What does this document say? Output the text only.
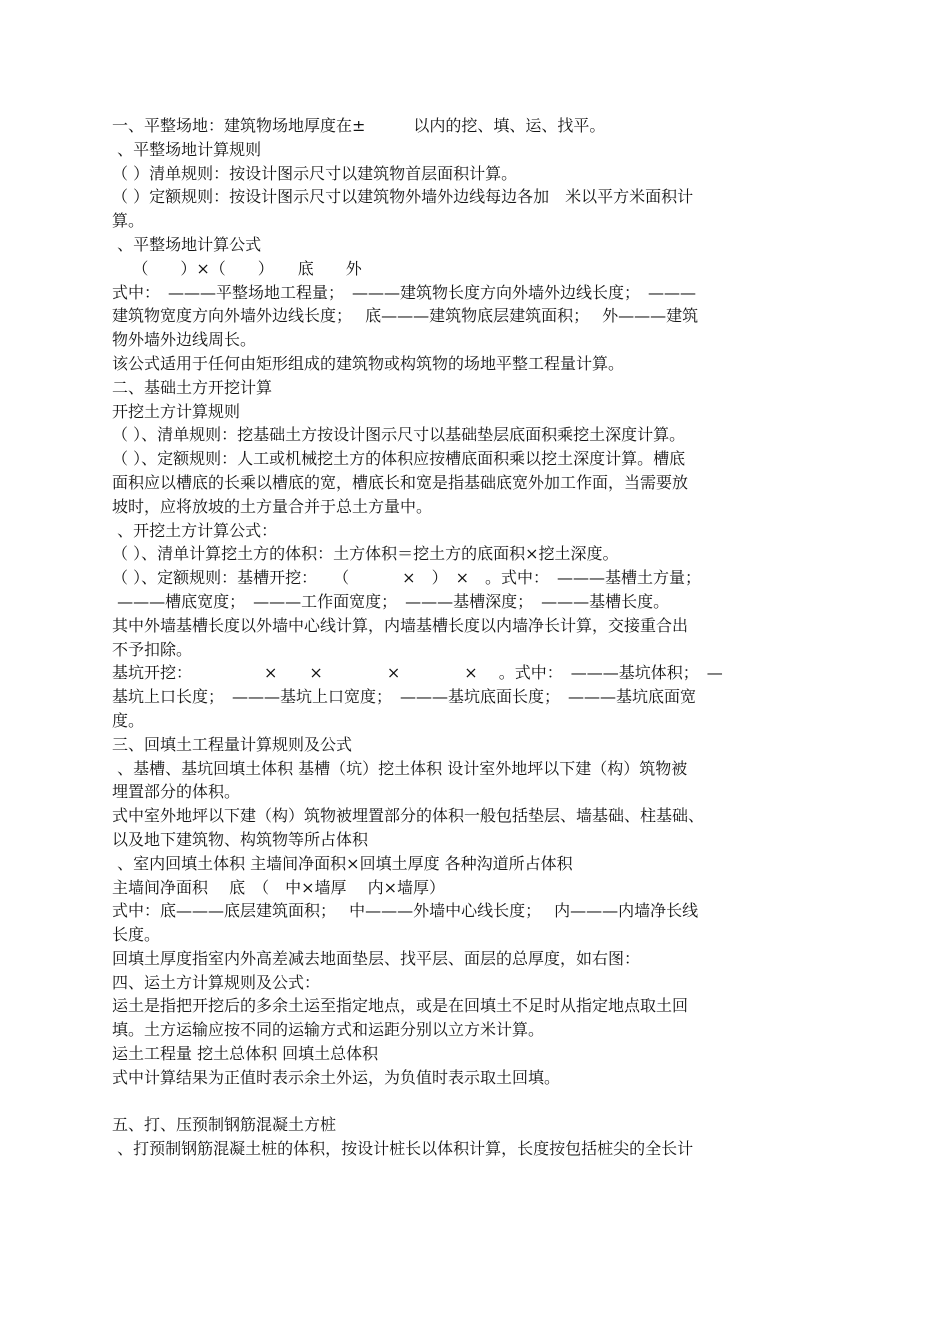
一、平整场地：建筑物场地厚度在±　　　以内的挖、填、运、找平。
、平整场地计算规则
（ ）清单规则：按设计图示尺寸以建筑物首层面积计算。
（ ）定额规则：按设计图示尺寸以建筑物外墙外边线每边各加　米以平方米面积计
算。
、平整场地计算公式
（　　）×（　　）　　底　　外
式中：　———平整场地工程量；　———建筑物长度方向外墙外边线长度；　———
建筑物宽度方向外墙外边线长度；　 底———建筑物底层建筑面积；　 外———建筑
物外墙外边线周长。
该公式适用于任何由矩形组成的建筑物或构筑物的场地平整工程量计算。
二、基础土方开挖计算
开挖土方计算规则
（ ）、清单规则：挖基础土方按设计图示尺寸以基础垫层底面积乘挖土深度计算。
（ ）、定额规则：人工或机械挖土方的体积应按槽底面积乘以挖土深度计算。槽底
面积应以槽底的长乘以槽底的宽，槽底长和宽是指基础底宽外加工作面，当需要放
坡时，应将放坡的土方量合并于总土方量中。
、开挖土方计算公式：
（ ）、清单计算挖土方的体积：土方体积＝挖土方的底面积×挖土深度。
（ ）、定额规则：基槽开挖：　　（　　　 ×　）　×　。式中：　———基槽土方量；
———槽底宽度；　———工作面宽度；　———基槽深度；　———基槽长度。
其中外墙基槽长度以外墙中心线计算，内墙基槽长度以内墙净长计算，交接重合出
不予扣除。
基坑开挖：　　　　　×　　×　　　　×　　　　×　 。式中：　———基坑体积；　—
基坑上口长度；　———基坑上口宽度；　———基坑底面长度；　———基坑底面宽
度。
三、回填土工程量计算规则及公式
、基槽、基坑回填土体积 基槽（坑）挖土体积 设计室外地坪以下建（构）筑物被
埋置部分的体积。
式中室外地坪以下建（构）筑物被埋置部分的体积一般包括垫层、墙基础、柱基础、
以及地下建筑物、构筑物等所占体积
、室内回填土体积 主墙间净面积×回填土厚度 各种沟道所占体积
主墙间净面积　 底　（　中×墙厚　 内×墙厚）
式中：底———底层建筑面积；　 中———外墙中心线长度；　 内———内墙净长线
长度。
回填土厚度指室内外高差减去地面垫层、找平层、面层的总厚度，如右图：
四、运土方计算规则及公式：
运土是指把开挖后的多余土运至指定地点，或是在回填土不足时从指定地点取土回
填。土方运输应按不同的运输方式和运距分别以立方米计算。
运土工程量 挖土总体积 回填土总体积
式中计算结果为正值时表示余土外运，为负值时表示取土回填。
五、打、压预制钢筋混凝土方桩
、打预制钢筋混凝土桩的体积，按设计桩长以体积计算，长度按包括桩尖的全长计
